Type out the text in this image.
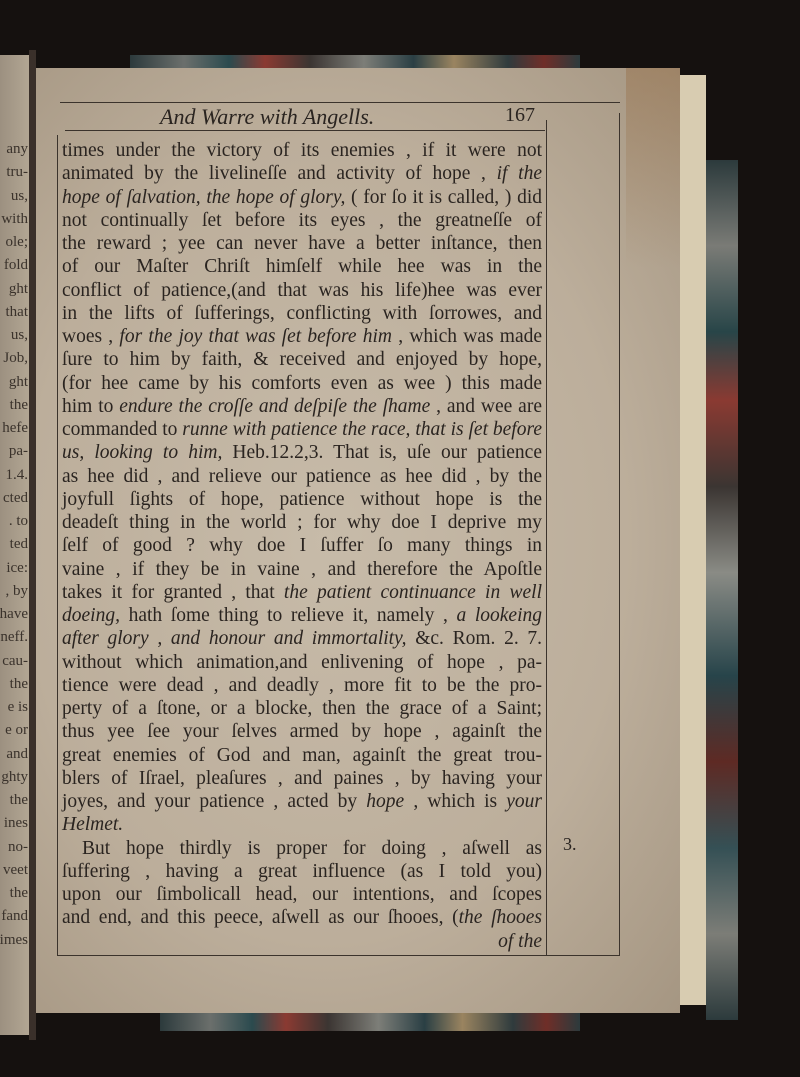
any
tru-
us,
with
ole;
fold
ght
that
us,
Job,
ght
the
hefe
pa-
1.4.
cted
. to
ted
ice:
, by
have
neff.
cau-
the
e is
e or
and
ghty
the
ines
no-
veet
the
fand
imes
And Warre with Angells.	167
times under the victory of its enemies , if it were not
animated by the livelineſſe and activity of hope , if the
hope of ſalvation, the hope of glory, ( for ſo it is called, ) did
not continually ſet before its eyes , the greatneſſe of
the reward ; yee can never have a better inſtance, then
of our Maſter Chriſt himſelf while hee was in the
conflict of patience,(and that was his life)hee was ever
in the lifts of ſufferings, conflicting with ſorrowes, and
woes , for the joy that was ſet before him , which was made
ſure to him by faith, & received and enjoyed by hope,
(for hee came by his comforts even as wee ) this made
him to endure the croſſe and deſpiſe the ſhame , and wee are
commanded to runne with patience the race, that is ſet before
us, looking to him, Heb.12.2,3. That is, uſe our patience
as hee did , and relieve our patience as hee did , by the
joyfull ſights of hope, patience without hope is the
deadeſt thing in the world ; for why doe I deprive my
ſelf of good ? why doe I ſuffer ſo many things in
vaine , if they be in vaine , and therefore the Apoſtle
takes it for granted , that the patient continuance in well
doeing, hath ſome thing to relieve it, namely , a lookeing
after glory , and honour and immortality, &c. Rom. 2. 7.
without which animation,and enlivening of hope , pa-
tience were dead , and deadly , more fit to be the pro-
perty of a ſtone, or a blocke, then the grace of a Saint;
thus yee ſee your ſelves armed by hope , againſt the
great enemies of God and man, againſt the great trou-
blers of Iſrael, pleaſures , and paines , by having your
joyes, and your patience , acted by hope , which is your
Helmet.
But hope thirdly is proper for doing , aſwell as
ſuffering , having a great influence (as I told you)
upon our ſimbolicall head, our intentions, and ſcopes
and end, and this peece, aſwell as our ſhooes, (the ſhooes
of the
3.
